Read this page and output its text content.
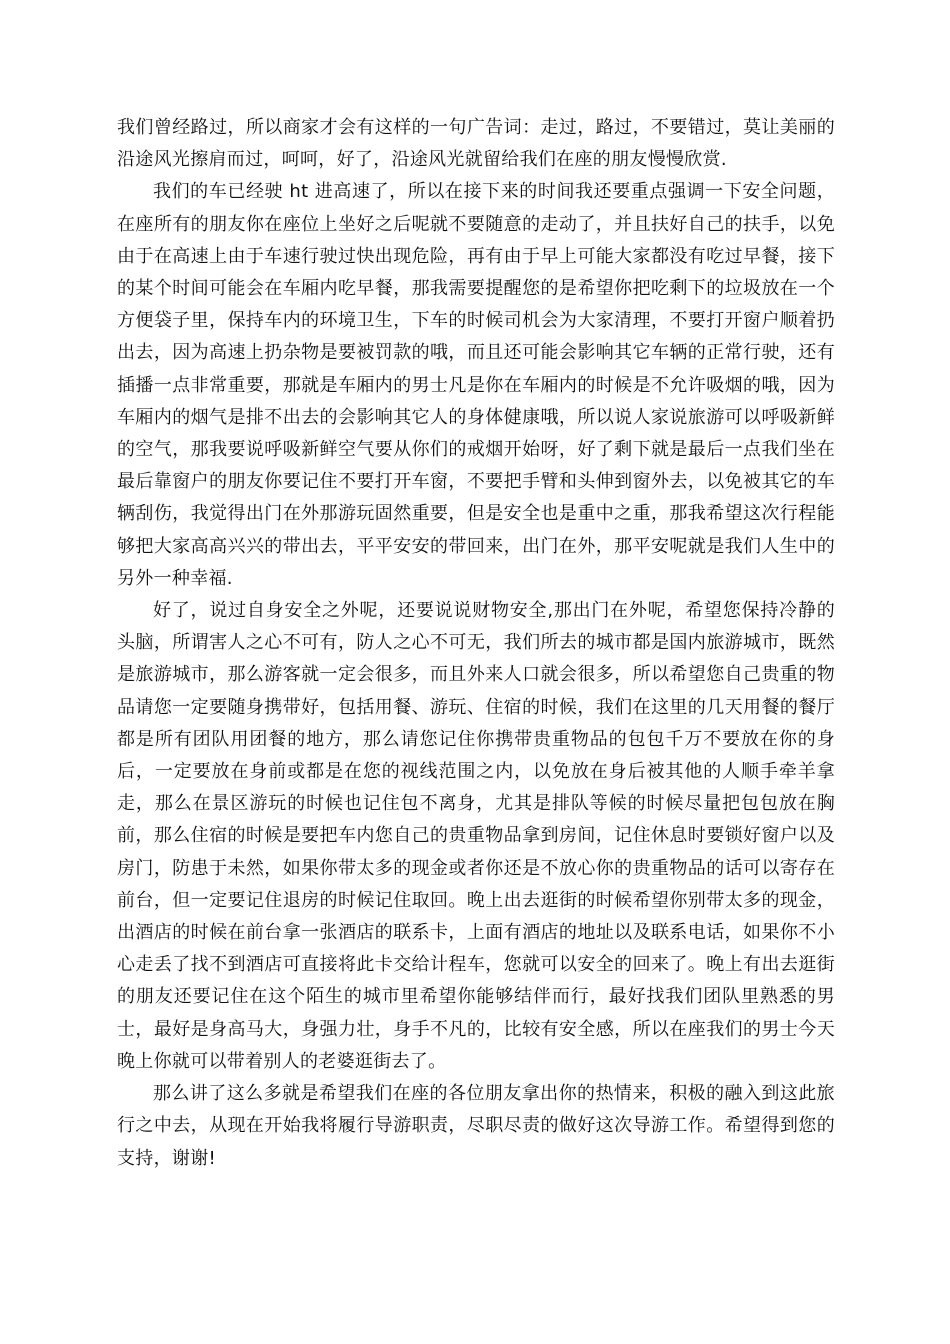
我们曾经路过，所以商家才会有这样的一句广告词：走过，路过，不要错过，莫让美丽的沿途风光擦肩而过，呵呵，好了，沿途风光就留给我们在座的朋友慢慢欣赏.

我们的车已经驶 ht 进高速了，所以在接下来的时间我还要重点强调一下安全问题，在座所有的朋友你在座位上坐好之后呢就不要随意的走动了，并且扶好自己的扶手，以免由于在高速上由于车速行驶过快出现危险，再有由于早上可能大家都没有吃过早餐，接下的某个时间可能会在车厢内吃早餐，那我需要提醒您的是希望你把吃剩下的垃圾放在一个方便袋子里，保持车内的环境卫生，下车的时候司机会为大家清理，不要打开窗户顺着扔出去，因为高速上扔杂物是要被罚款的哦，而且还可能会影响其它车辆的正常行驶，还有插播一点非常重要，那就是车厢内的男士凡是你在车厢内的时候是不允许吸烟的哦，因为车厢内的烟气是排不出去的会影响其它人的身体健康哦，所以说人家说旅游可以呼吸新鲜的空气，那我要说呼吸新鲜空气要从你们的戒烟开始呀，好了剩下就是最后一点我们坐在最后靠窗户的朋友你要记住不要打开车窗，不要把手臂和头伸到窗外去，以免被其它的车辆刮伤，我觉得出门在外那游玩固然重要，但是安全也是重中之重，那我希望这次行程能够把大家高高兴兴的带出去，平平安安的带回来，出门在外，那平安呢就是我们人生中的另外一种幸福.

好了，说过自身安全之外呢，还要说说财物安全,那出门在外呢，希望您保持冷静的头脑，所谓害人之心不可有，防人之心不可无，我们所去的城市都是国内旅游城市，既然是旅游城市，那么游客就一定会很多，而且外来人口就会很多，所以希望您自己贵重的物品请您一定要随身携带好，包括用餐、游玩、住宿的时候，我们在这里的几天用餐的餐厅都是所有团队用团餐的地方，那么请您记住你携带贵重物品的包包千万不要放在你的身后，一定要放在身前或都是在您的视线范围之内，以免放在身后被其他的人顺手牵羊拿走，那么在景区游玩的时候也记住包不离身，尤其是排队等候的时候尽量把包包放在胸前，那么住宿的时候是要把车内您自己的贵重物品拿到房间，记住休息时要锁好窗户以及房门，防患于未然，如果你带太多的现金或者你还是不放心你的贵重物品的话可以寄存在前台，但一定要记住退房的时候记住取回。晚上出去逛街的时候希望你别带太多的现金，出酒店的时候在前台拿一张酒店的联系卡，上面有酒店的地址以及联系电话，如果你不小心走丢了找不到酒店可直接将此卡交给计程车，您就可以安全的回来了。晚上有出去逛街的朋友还要记住在这个陌生的城市里希望你能够结伴而行，最好找我们团队里熟悉的男士，最好是身高马大，身强力壮，身手不凡的，比较有安全感，所以在座我们的男士今天晚上你就可以带着别人的老婆逛街去了。

那么讲了这么多就是希望我们在座的各位朋友拿出你的热情来，积极的融入到这此旅行之中去，从现在开始我将履行导游职责，尽职尽责的做好这次导游工作。希望得到您的支持，谢谢!
